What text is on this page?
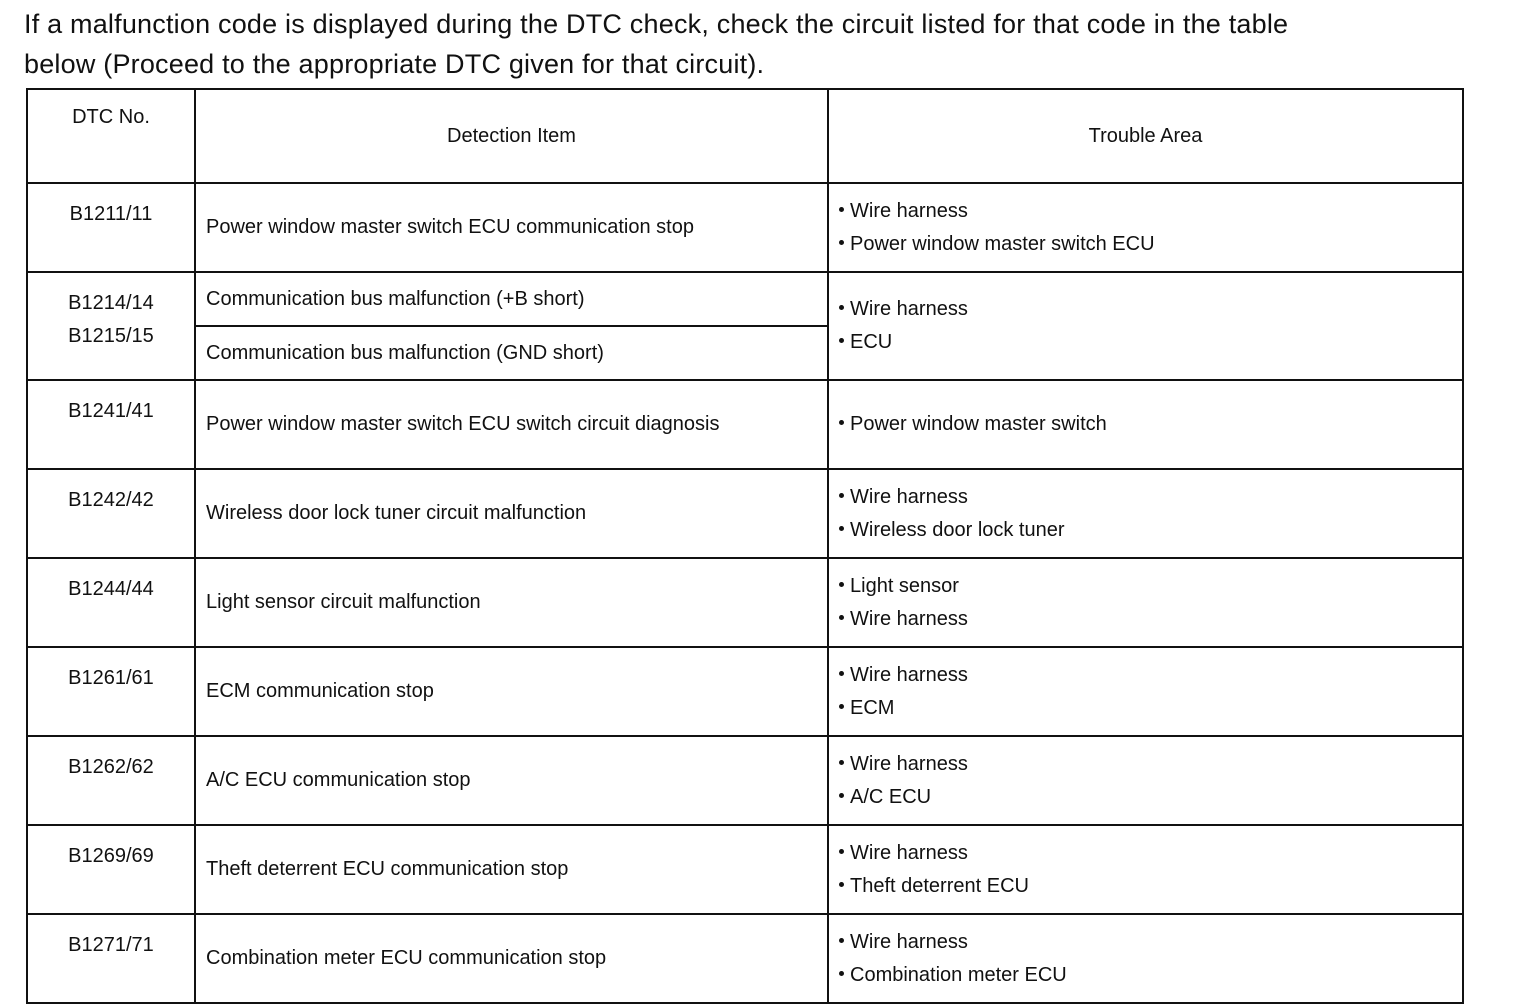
If a malfunction code is displayed during the DTC check, check the circuit listed for that code in the table
below (Proceed to the appropriate DTC given for that circuit).

DTC No.	Detection Item	Trouble Area

B1211/11	Power window master switch ECU communication stop	Wire harness
Power window master switch ECU

B1214/14
B1215/15	Communication bus malfunction (+B short)	Wire harness
ECU

	Communication bus malfunction (GND short)	

B1241/41	Power window master switch ECU switch circuit diagnosis	Power window master switch

B1242/42	Wireless door lock tuner circuit malfunction	Wire harness
Wireless door lock tuner

B1244/44	Light sensor circuit malfunction	Light sensor
Wire harness

B1261/61	ECM communication stop	Wire harness
ECM

B1262/62	A/C ECU communication stop	Wire harness
A/C ECU

B1269/69	Theft deterrent ECU communication stop	Wire harness
Theft deterrent ECU

B1271/71	Combination meter ECU communication stop	Wire harness
Combination meter ECU
